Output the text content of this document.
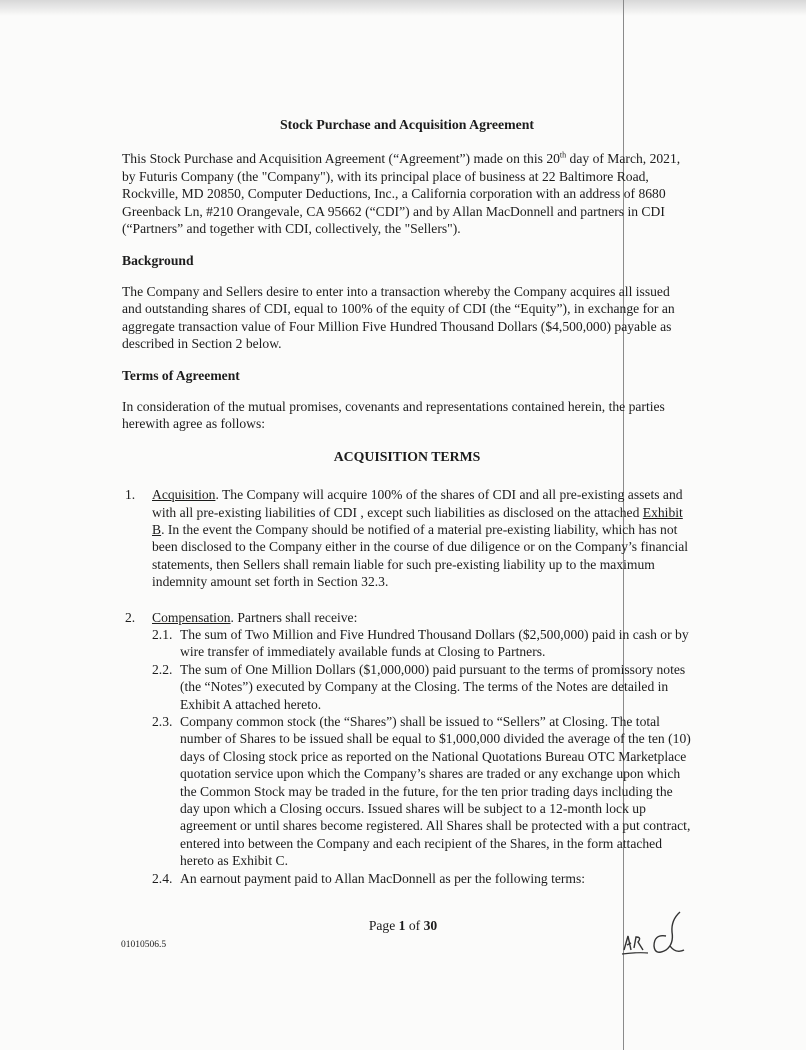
Stock Purchase and Acquisition Agreement

This Stock Purchase and Acquisition Agreement (“Agreement”) made on this 20th day of March, 2021, by Futuris Company (the "Company"), with its principal place of business at 22 Baltimore Road, Rockville, MD 20850, Computer Deductions, Inc., a California corporation with an address of 8680 Greenback Ln, #210 Orangevale, CA 95662 (“CDI”) and by Allan MacDonnell and partners in CDI (“Partners” and together with CDI, collectively, the "Sellers").

Background

The Company and Sellers desire to enter into a transaction whereby the Company acquires all issued and outstanding shares of CDI, equal to 100% of the equity of CDI (the “Equity”), in exchange for an aggregate transaction value of Four Million Five Hundred Thousand Dollars ($4,500,000) payable as described in Section 2 below.

Terms of Agreement

In consideration of the mutual promises, covenants and representations contained herein, the parties herewith agree as follows:

ACQUISITION TERMS

1.	Acquisition. The Company will acquire 100% of the shares of CDI and all pre-existing assets and with all pre-existing liabilities of CDI , except such liabilities as disclosed on the attached Exhibit B. In the event the Company should be notified of a material pre-existing liability, which has not been disclosed to the Company either in the course of due diligence or on the Company’s financial statements, then Sellers shall remain liable for such pre-existing liability up to the maximum indemnity amount set forth in Section 32.3.

2.	Compensation. Partners shall receive:

2.1. The sum of Two Million and Five Hundred Thousand Dollars ($2,500,000) paid in cash or by wire transfer of immediately available funds at Closing to Partners.

2.2. The sum of One Million Dollars ($1,000,000) paid pursuant to the terms of promissory notes (the “Notes”) executed by Company at the Closing. The terms of the Notes are detailed in Exhibit A attached hereto.

2.3. Company common stock (the “Shares”) shall be issued to “Sellers” at Closing. The total number of Shares to be issued shall be equal to $1,000,000 divided the average of the ten (10) days of Closing stock price as reported on the National Quotations Bureau OTC Marketplace quotation service upon which the Company’s shares are traded or any exchange upon which the Common Stock may be traded in the future, for the ten prior trading days including the day upon which a Closing occurs. Issued shares will be subject to a 12-month lock up agreement or until shares become registered. All Shares shall be protected with a put contract, entered into between the Company and each recipient of the Shares, in the form attached hereto as Exhibit C.

2.4. An earnout payment paid to Allan MacDonnell as per the following terms:

Page 1 of 30
01010506.5
